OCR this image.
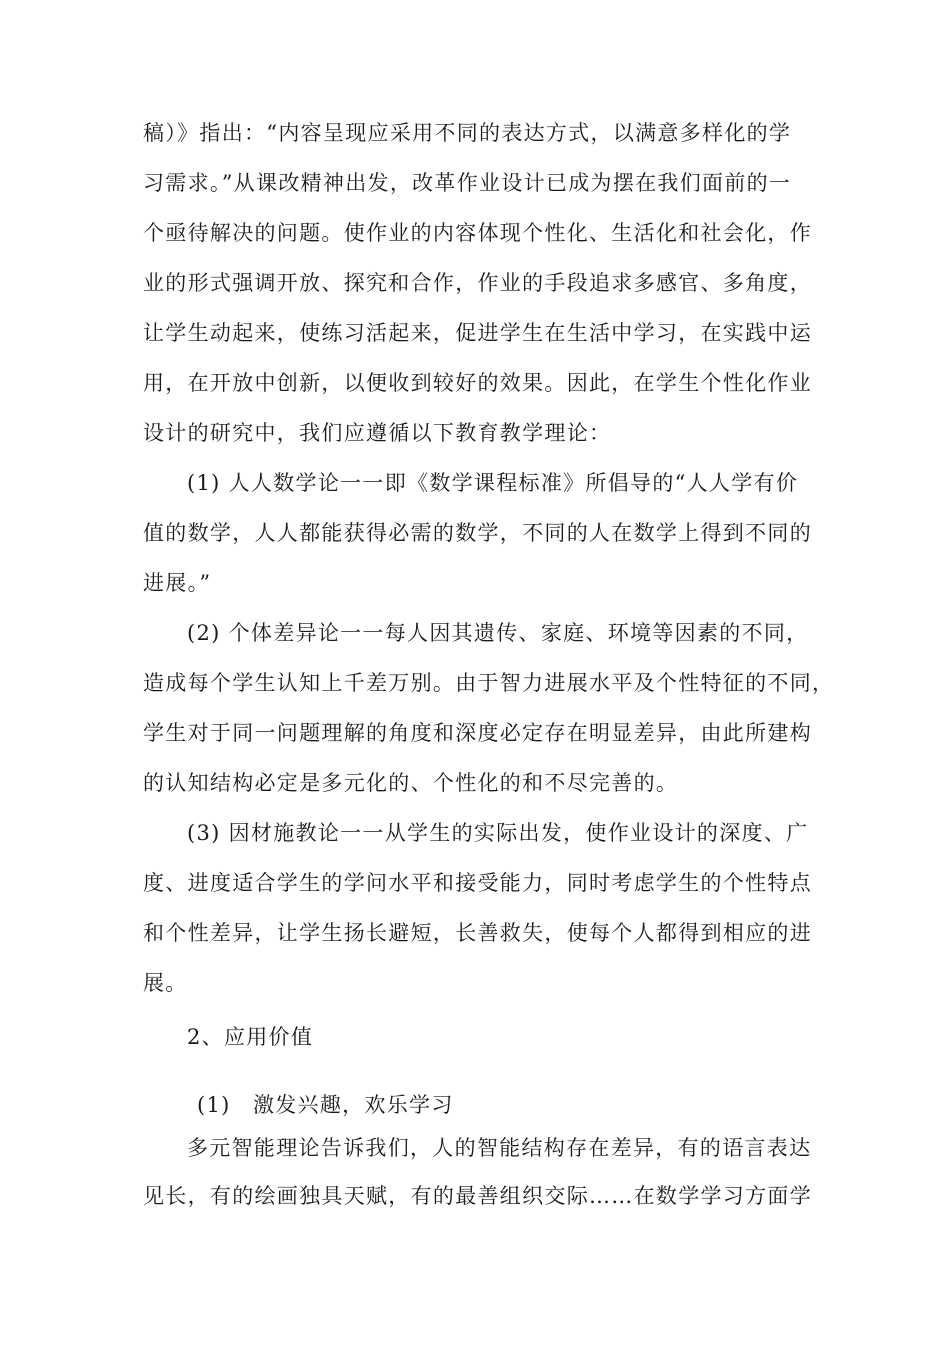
稿）》指出：“内容呈现应采用不同的表达方式，以满意多样化的学
习需求。”从课改精神出发，改革作业设计已成为摆在我们面前的一
个亟待解决的问题。使作业的内容体现个性化、生活化和社会化，作
业的形式强调开放、探究和合作，作业的手段追求多感官、多角度，
让学生动起来，使练习活起来，促进学生在生活中学习，在实践中运
用，在开放中创新，以便收到较好的效果。因此，在学生个性化作业
设计的研究中，我们应遵循以下教育教学理论：
(1) 人人数学论一一即《数学课程标准》所倡导的“人人学有价
值的数学，人人都能获得必需的数学，不同的人在数学上得到不同的
进展。”
(2) 个体差异论一一每人因其遗传、家庭、环境等因素的不同，
造成每个学生认知上千差万别。由于智力进展水平及个性特征的不同，
学生对于同一问题理解的角度和深度必定存在明显差异，由此所建构
的认知结构必定是多元化的、个性化的和不尽完善的。
(3) 因材施教论一一从学生的实际出发，使作业设计的深度、广
度、进度适合学生的学问水平和接受能力，同时考虑学生的个性特点
和个性差异，让学生扬长避短，长善救失，使每个人都得到相应的进
展。
2、应用价值
(1)　激发兴趣，欢乐学习
多元智能理论告诉我们，人的智能结构存在差异，有的语言表达
见长，有的绘画独具天赋，有的最善组织交际……在数学学习方面学
